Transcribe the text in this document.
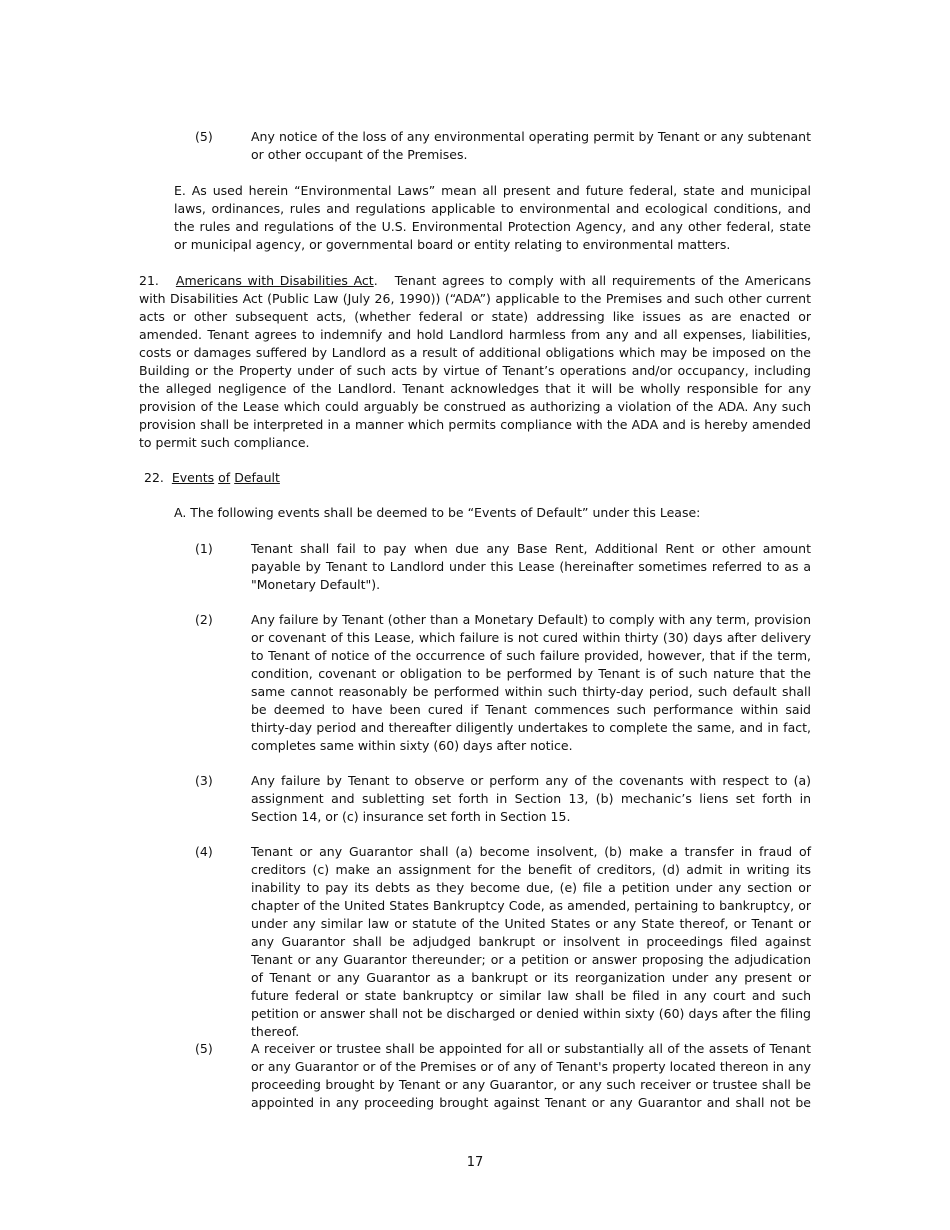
(5)	Any notice of the loss of any environmental operating permit by Tenant or any subtenant or other occupant of the Premises.

E. As used herein “Environmental Laws” mean all present and future federal, state and municipal laws, ordinances, rules and regulations applicable to environmental and ecological conditions, and the rules and regulations of the U.S. Environmental Protection Agency, and any other federal, state or municipal agency, or governmental board or entity relating to environmental matters.

21. Americans with Disabilities Act. Tenant agrees to comply with all requirements of the Americans with Disabilities Act (Public Law (July 26, 1990)) (“ADA”) applicable to the Premises and such other current acts or other subsequent acts, (whether federal or state) addressing like issues as are enacted or amended. Tenant agrees to indemnify and hold Landlord harmless from any and all expenses, liabilities, costs or damages suffered by Landlord as a result of additional obligations which may be imposed on the Building or the Property under of such acts by virtue of Tenant’s operations and/or occupancy, including the alleged negligence of the Landlord. Tenant acknowledges that it will be wholly responsible for any provision of the Lease which could arguably be construed as authorizing a violation of the ADA. Any such provision shall be interpreted in a manner which permits compliance with the ADA and is hereby amended to permit such compliance.

22. Events of Default

A. The following events shall be deemed to be “Events of Default” under this Lease:

(1)	Tenant shall fail to pay when due any Base Rent, Additional Rent or other amount payable by Tenant to Landlord under this Lease (hereinafter sometimes referred to as a "Monetary Default").

(2)	Any failure by Tenant (other than a Monetary Default) to comply with any term, provision or covenant of this Lease, which failure is not cured within thirty (30) days after delivery to Tenant of notice of the occurrence of such failure provided, however, that if the term, condition, covenant or obligation to be performed by Tenant is of such nature that the same cannot reasonably be performed within such thirty-day period, such default shall be deemed to have been cured if Tenant commences such performance within said thirty-day period and thereafter diligently undertakes to complete the same, and in fact, completes same within sixty (60) days after notice.

(3)	Any failure by Tenant to observe or perform any of the covenants with respect to (a) assignment and subletting set forth in Section 13, (b) mechanic’s liens set forth in Section 14, or (c) insurance set forth in Section 15.

(4)	Tenant or any Guarantor shall (a) become insolvent, (b) make a transfer in fraud of creditors (c) make an assignment for the benefit of creditors, (d) admit in writing its inability to pay its debts as they become due, (e) file a petition under any section or chapter of the United States Bankruptcy Code, as amended, pertaining to bankruptcy, or under any similar law or statute of the United States or any State thereof, or Tenant or any Guarantor shall be adjudged bankrupt or insolvent in proceedings filed against Tenant or any Guarantor thereunder; or a petition or answer proposing the adjudication of Tenant or any Guarantor as a bankrupt or its reorganization under any present or future federal or state bankruptcy or similar law shall be filed in any court and such petition or answer shall not be discharged or denied within sixty (60) days after the filing thereof.

(5)	A receiver or trustee shall be appointed for all or substantially all of the assets of Tenant or any Guarantor or of the Premises or of any of Tenant's property located thereon in any proceeding brought by Tenant or any Guarantor, or any such receiver or trustee shall be appointed in any proceeding brought against Tenant or any Guarantor and shall not be

17
